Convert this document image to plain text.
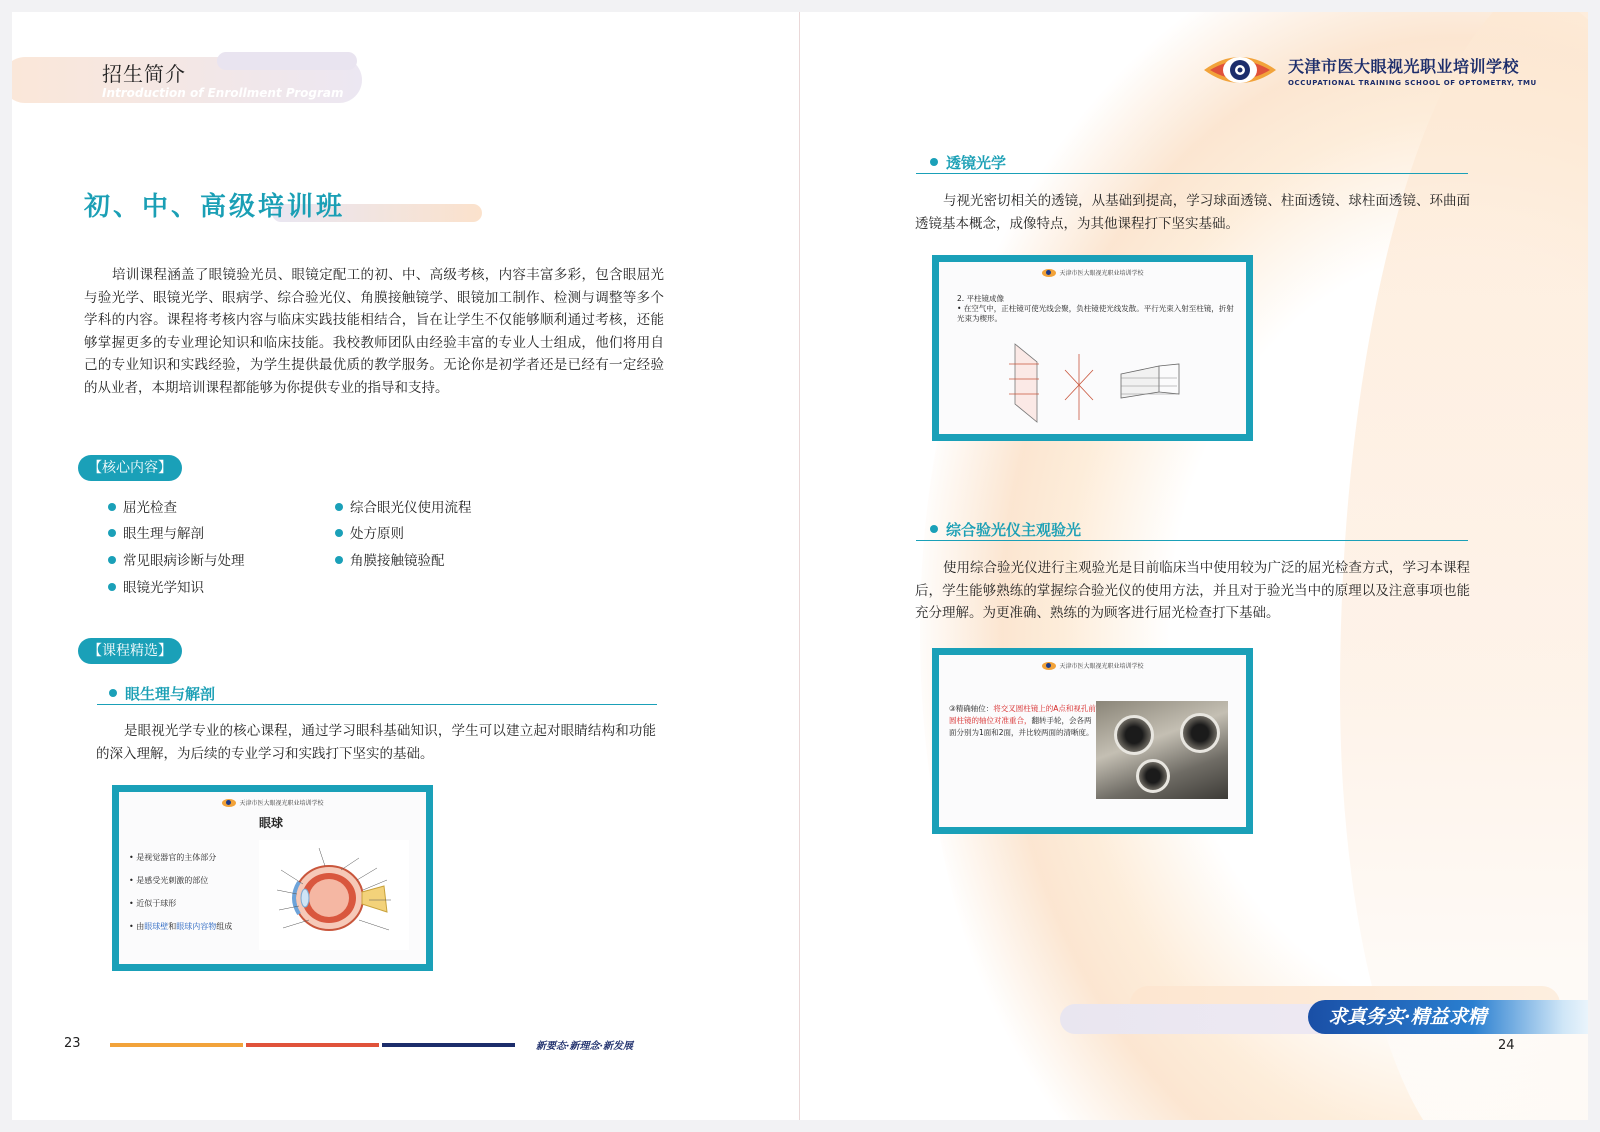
招生简介
Introduction of Enrollment Program
初、中、高级培训班
培训课程涵盖了眼镜验光员、眼镜定配工的初、中、高级考核，内容丰富多彩，包含眼屈光与验光学、眼镜光学、眼病学、综合验光仪、角膜接触镜学、眼镜加工制作、检测与调整等多个学科的内容。课程将考核内容与临床实践技能相结合，旨在让学生不仅能够顺利通过考核，还能够掌握更多的专业理论知识和临床技能。我校教师团队由经验丰富的专业人士组成，他们将用自己的专业知识和实践经验，为学生提供最优质的教学服务。无论你是初学者还是已经有一定经验的从业者，本期培训课程都能够为你提供专业的指导和支持。
【核心内容】
屈光检查
眼生理与解剖
常见眼病诊断与处理
眼镜光学知识
综合眼光仪使用流程
处方原则
角膜接触镜验配
【课程精选】
眼生理与解剖
是眼视光学专业的核心课程，通过学习眼科基础知识，学生可以建立起对眼睛结构和功能的深入理解，为后续的专业学习和实践打下坚实的基础。
天津市医大眼视光职业培训学校
眼球
• 是视觉器官的主体部分
• 是感受光刺激的部位
• 近似于球形
• 由眼球壁和眼球内容物组成
23	新要态·新理念·新发展
天津市医大眼视光职业培训学校
OCCUPATIONAL TRAINING SCHOOL OF OPTOMETRY, TMU
透镜光学
与视光密切相关的透镜，从基础到提高，学习球面透镜、柱面透镜、球柱面透镜、环曲面透镜基本概念，成像特点，为其他课程打下坚实基础。
天津市医大眼视光职业培训学校
2. 平柱镜成像
• 在空气中，正柱镜可使光线会聚，负柱镜使光线发散。平行光束入射至柱镜，折射光束为楔形。
综合验光仪主观验光
使用综合验光仪进行主观验光是目前临床当中使用较为广泛的屈光检查方式，学习本课程后，学生能够熟练的掌握综合验光仪的使用方法，并且对于验光当中的原理以及注意事项也能充分理解。为更准确、熟练的为顾客进行屈光检查打下基础。
天津市医大眼视光职业培训学校
③精确轴位：将交叉圆柱镜上的A点和视孔前圆柱镜的轴位对准重合，翻转手轮，会各两面分别为1面和2面，并比较两面的清晰度。
求真务实·精益求精
24
